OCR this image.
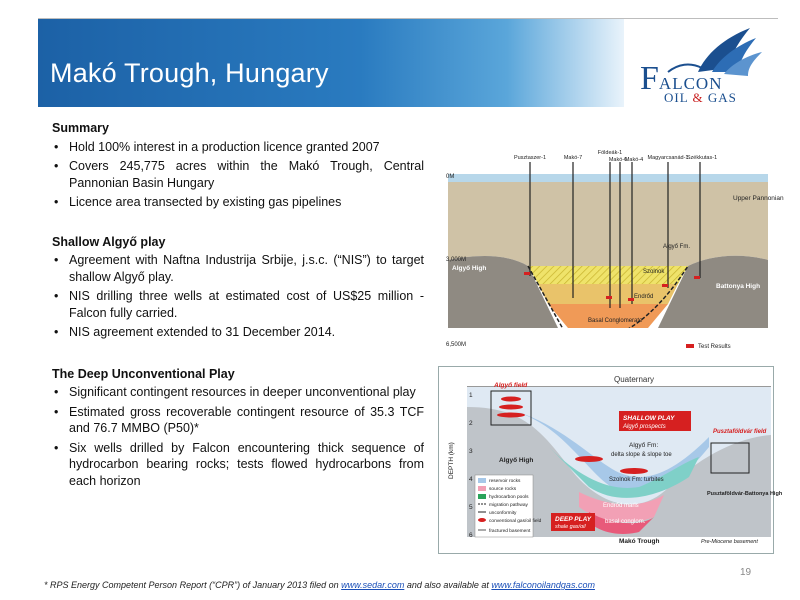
Makó Trough, Hungary	FALCON
OIL & GAS
Summary
• Hold 100% interest in a production licence granted 2007
• Covers 245,775 acres within the Makó Trough, Central Pannonian Basin Hungary
• Licence area transected by existing gas pipelines
Shallow Algyő play
• Agreement with Naftna Industrija Srbije, j.s.c. (“NIS”) to target shallow Algyő play.
• NIS drilling three wells at estimated cost of US$25 million - Falcon fully carried.
• NIS agreement extended to 31 December 2014.
The Deep Unconventional Play
• Significant contingent resources in deeper unconventional play
• Estimated gross recoverable contingent resource of 35.3 TCF and 76.7 MMBO (P50)*
• Six wells drilled by Falcon encountering thick sequence of hydrocarbon bearing rocks; tests flowed hydrocarbons from each horizon
Pusztaszer-1	Makó-7
Földeák-1
Makó-6
Makó-4 Magyarcsanád-1
Székkutas-1
0M
3,000M
6,500M
Upper Pannonian
Algyő Fm.
Algyő High
Battonya High
Szolnok
Endrőd
Basal Conglomerate
Test Results
Quaternary
DEPTH (km)
1
2
3
4
5
6
Algyő field
Pusztaföldvár field
SHALLOW PLAY
Algyő prospects
Algyő Fm:
delta slope & slope toe
Szolnok Fm: turbites
Algyő High
Endrőd marls
basal conglom.
DEEP PLAY
shale gas/oil
Makó Trough	Pre-Miocene basement
Pusztaföldvár-Battonya High
reservoir rocks
source rocks
hydrocarbon pools
migration pathway
unconformity
conventional gas/oil field
fractured basement
* RPS Energy Competent Person Report (“CPR”) of January 2013 filed on www.sedar.com and also available at www.falconoilandgas.com
19
